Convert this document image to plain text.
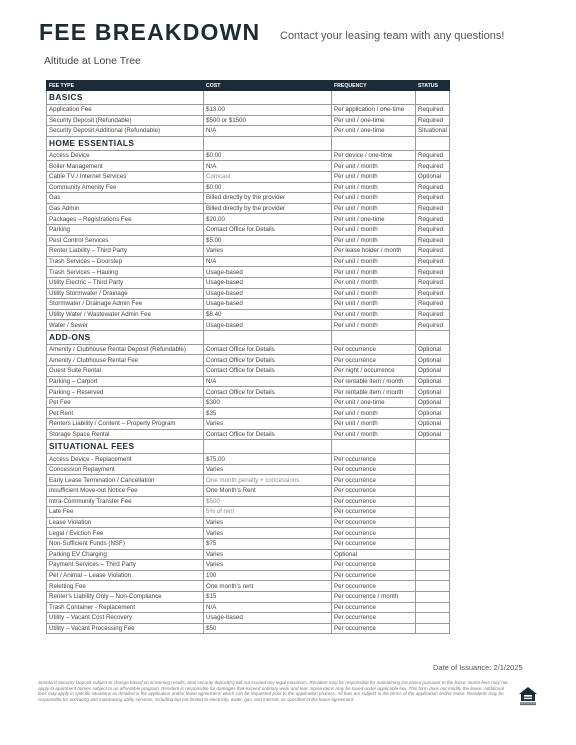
FEE BREAKDOWN Contact your leasing team with any questions!
Altitude at Lone Tree
FEE TYPE	COST	FREQUENCY	STATUS
BASICS			
Application Fee	$13.00	Per application / one-time	Required
Security Deposit (Refundable)	$500 or $1500	Per unit / one-time	Required
Security Deposit Additional (Refundable)	N/A	Per unit / one-time	Situational
HOME ESSENTIALS			
Access Device	$0.00	Per device / one-time	Required
Boiler Management	N/A	Per unit / month	Required
Cable TV / Internet Services	Comcast	Per unit / month	Optional
Community Amenity Fee	$0.00	Per unit / month	Required
Gas	Billed directly by the provider	Per unit / month	Required
Gas Admin	Billed directly by the provider	Per unit / month	Required
Packages – Registrations Fee	$20.00	Per unit / one-time	Required
Parking	Contact Office for Details	Per unit / month	Required
Pest Control Services	$5.00	Per unit / month	Required
Renter Liability – Third Party	Varies	Per lease holder / month	Required
Trash Services – Doorstep	N/A	Per unit / month	Required
Trash Services – Hauling	Usage-based	Per unit / month	Required
Utility Electric – Third Party	Usage-based	Per unit / month	Required
Utility Stormwater / Drainage	Usage-based	Per unit / month	Required
Stormwater / Drainage Admin Fee	Usage-based	Per unit / month	Required
Utility Water / Wastewater Admin Fee	$8.40	Per unit / month	Required
Water / Sewer	Usage-based	Per unit / month	Required
ADD-ONS			
Amenity / Clubhouse Rental Deposit (Refundable)	Contact Office for Details	Per occurrence	Optional
Amenity / Clubhouse Rental Fee	Contact Office for Details	Per occurrence	Optional
Guest Suite Rental	Contact Office for Details	Per night / occurrence	Optional
Parking – Carport	N/A	Per rentable item / month	Optional
Parking – Reserved	Contact Office for Details	Per rentable item / month	Optional
Pet Fee	$300	Per unit / one-time	Optional
Pet Rent	$35	Per unit / month	Optional
Renters Liability / Content – Property Program	Varies	Per unit / month	Optional
Storage Space Rental	Contact Office for Details	Per unit / month	Optional
SITUATIONAL FEES			
Access Device - Replacement	$75.00	Per occurrence	
Concession Repayment	Varies	Per occurrence	
Early Lease Termination / Cancellation	One month penalty + concessions	Per occurrence	
Insufficient Move-out Notice Fee	One Month's Rent	Per occurrence	
Intra-Community Transfer Fee	$500	Per occurrence	
Late Fee	5% of rent	Per occurrence	
Lease Violation	Varies	Per occurrence	
Legal / Eviction Fee	Varies	Per occurrence	
Non-Sufficient Funds (NSF)	$75	Per occurrence	
Parking EV Charging	Varies	Optional	
Payment Services – Third Party	Varies	Per occurrence	
Pet / Animal – Lease Violation	100	Per occurrence	
Reletting Fee	One month's rent	Per occurrence	
Renter's Liability Only – Non-Compliance	$15	Per occurrence / month	
Trash Container - Replacement	N/A	Per occurrence	
Utility – Vacant Cost Recovery	Usage-based	Per occurrence	
Utility – Vacant Processing Fee	$50	Per occurrence	
Date of Issuance: 2/1/2025
Standard Security Deposit subject to change based on screening results; total security deposit(s) will not exceed any legal maximum. Resident may be responsible for maintaining insurance pursuant to the lease. Some fees may not apply to apartment homes subject to an affordable program. Resident is responsible for damages that exceed ordinary wear and tear. Some items may be taxed under applicable law. This form does not modify the lease. Additional fees may apply in specific situations as detailed in the application and/or lease agreement, which can be requested prior to the application process. All fees are subject to the terms of the application and/or lease. Residents may be responsible for activating and maintaining utility services, including but not limited to electricity, water, gas, and internet, as specified in the lease agreement.
